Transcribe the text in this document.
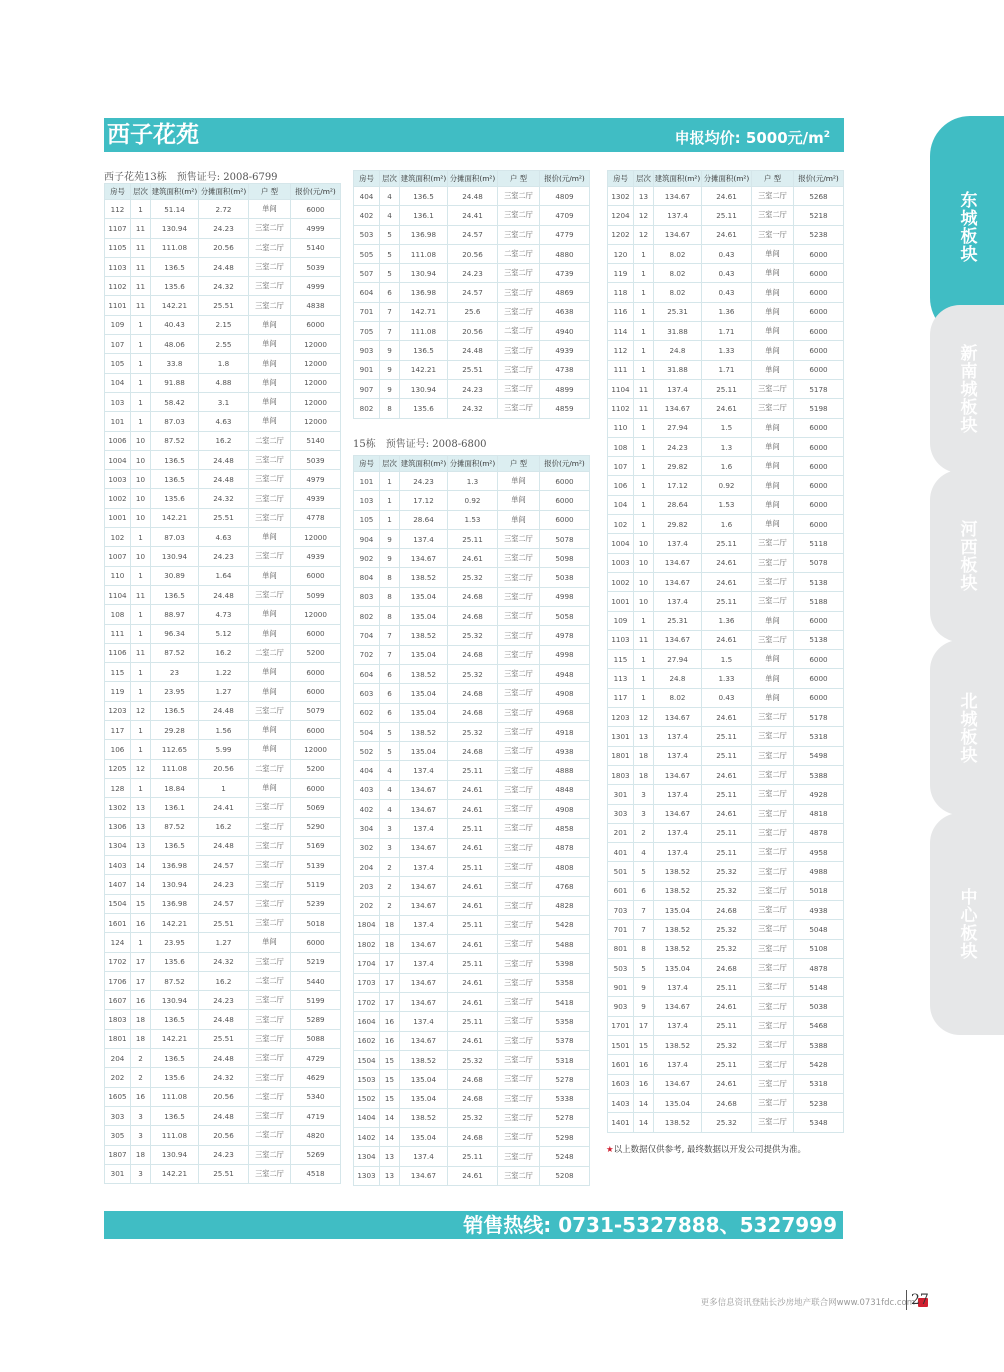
西子花苑	申报均价: 5000元$/m^2$
西子花苑13栋　预售证号: 2008-6799
15栋　预售证号: 2008-6800
房号	层次	建筑面积(m²)	分摊面积(m²)	户 型	报价(元/m²)
112	1	51.14	2.72	单间	6000
1107	11	130.94	24.23	三室二厅	4999
1105	11	111.08	20.56	二室二厅	5140
1103	11	136.5	24.48	三室二厅	5039
1102	11	135.6	24.32	三室二厅	4999
1101	11	142.21	25.51	三室二厅	4838
109	1	40.43	2.15	单间	6000
107	1	48.06	2.55	单间	12000
105	1	33.8	1.8	单间	12000
104	1	91.88	4.88	单间	12000
103	1	58.42	3.1	单间	12000
101	1	87.03	4.63	单间	12000
1006	10	87.52	16.2	二室二厅	5140
1004	10	136.5	24.48	三室二厅	5039
1003	10	136.5	24.48	三室二厅	4979
1002	10	135.6	24.32	三室二厅	4939
1001	10	142.21	25.51	三室二厅	4778
102	1	87.03	4.63	单间	12000
1007	10	130.94	24.23	三室二厅	4939
110	1	30.89	1.64	单间	6000
1104	11	136.5	24.48	三室二厅	5099
108	1	88.97	4.73	单间	12000
111	1	96.34	5.12	单间	6000
1106	11	87.52	16.2	二室二厅	5200
115	1	23	1.22	单间	6000
119	1	23.95	1.27	单间	6000
1203	12	136.5	24.48	三室二厅	5079
117	1	29.28	1.56	单间	6000
106	1	112.65	5.99	单间	12000
1205	12	111.08	20.56	二室二厅	5200
128	1	18.84	1	单间	6000
1302	13	136.1	24.41	三室二厅	5069
1306	13	87.52	16.2	二室二厅	5290
1304	13	136.5	24.48	三室二厅	5169
1403	14	136.98	24.57	三室二厅	5139
1407	14	130.94	24.23	三室二厅	5119
1504	15	136.98	24.57	三室二厅	5239
1601	16	142.21	25.51	三室二厅	5018
124	1	23.95	1.27	单间	6000
1702	17	135.6	24.32	三室二厅	5219
1706	17	87.52	16.2	二室二厅	5440
1607	16	130.94	24.23	三室二厅	5199
1803	18	136.5	24.48	三室二厅	5289
1801	18	142.21	25.51	三室二厅	5088
204	2	136.5	24.48	三室二厅	4729
202	2	135.6	24.32	三室二厅	4629
1605	16	111.08	20.56	二室二厅	5340
303	3	136.5	24.48	三室二厅	4719
305	3	111.08	20.56	二室二厅	4820
1807	18	130.94	24.23	三室二厅	5269
301	3	142.21	25.51	三室二厅	4518
房号	层次	建筑面积(m²)	分摊面积(m²)	户 型	报价(元/m²)
404	4	136.5	24.48	三室二厅	4809
402	4	136.1	24.41	三室二厅	4709
503	5	136.98	24.57	三室二厅	4779
505	5	111.08	20.56	二室二厅	4880
507	5	130.94	24.23	三室二厅	4739
604	6	136.98	24.57	三室二厅	4869
701	7	142.71	25.6	三室二厅	4638
705	7	111.08	20.56	二室二厅	4940
903	9	136.5	24.48	三室二厅	4939
901	9	142.21	25.51	三室二厅	4738
907	9	130.94	24.23	三室二厅	4899
802	8	135.6	24.32	三室二厅	4859
房号	层次	建筑面积(m²)	分摊面积(m²)	户 型	报价(元/m²)
101	1	24.23	1.3	单间	6000
103	1	17.12	0.92	单间	6000
105	1	28.64	1.53	单间	6000
904	9	137.4	25.11	三室二厅	5078
902	9	134.67	24.61	三室二厅	5098
804	8	138.52	25.32	三室二厅	5038
803	8	135.04	24.68	三室二厅	4998
802	8	135.04	24.68	三室二厅	5058
704	7	138.52	25.32	三室二厅	4978
702	7	135.04	24.68	三室二厅	4998
604	6	138.52	25.32	三室二厅	4948
603	6	135.04	24.68	三室二厅	4908
602	6	135.04	24.68	三室二厅	4968
504	5	138.52	25.32	三室二厅	4918
502	5	135.04	24.68	三室二厅	4938
404	4	137.4	25.11	三室二厅	4888
403	4	134.67	24.61	三室二厅	4848
402	4	134.67	24.61	三室二厅	4908
304	3	137.4	25.11	三室二厅	4858
302	3	134.67	24.61	三室二厅	4878
204	2	137.4	25.11	三室二厅	4808
203	2	134.67	24.61	三室二厅	4768
202	2	134.67	24.61	三室二厅	4828
1804	18	137.4	25.11	三室二厅	5428
1802	18	134.67	24.61	三室二厅	5488
1704	17	137.4	25.11	三室二厅	5398
1703	17	134.67	24.61	三室二厅	5358
1702	17	134.67	24.61	三室二厅	5418
1604	16	137.4	25.11	三室二厅	5358
1602	16	134.67	24.61	三室二厅	5378
1504	15	138.52	25.32	三室二厅	5318
1503	15	135.04	24.68	三室二厅	5278
1502	15	135.04	24.68	三室二厅	5338
1404	14	138.52	25.32	三室二厅	5278
1402	14	135.04	24.68	三室二厅	5298
1304	13	137.4	25.11	三室二厅	5248
1303	13	134.67	24.61	三室二厅	5208
房号	层次	建筑面积(m²)	分摊面积(m²)	户 型	报价(元/m²)
1302	13	134.67	24.61	三室二厅	5268
1204	12	137.4	25.11	三室二厅	5218
1202	12	134.67	24.61	三室一厅	5238
120	1	8.02	0.43	单间	6000
119	1	8.02	0.43	单间	6000
118	1	8.02	0.43	单间	6000
116	1	25.31	1.36	单间	6000
114	1	31.88	1.71	单间	6000
112	1	24.8	1.33	单间	6000
111	1	31.88	1.71	单间	6000
1104	11	137.4	25.11	三室二厅	5178
1102	11	134.67	24.61	三室二厅	5198
110	1	27.94	1.5	单间	6000
108	1	24.23	1.3	单间	6000
107	1	29.82	1.6	单间	6000
106	1	17.12	0.92	单间	6000
104	1	28.64	1.53	单间	6000
102	1	29.82	1.6	单间	6000
1004	10	137.4	25.11	三室二厅	5118
1003	10	134.67	24.61	三室二厅	5078
1002	10	134.67	24.61	三室二厅	5138
1001	10	137.4	25.11	三室二厅	5188
109	1	25.31	1.36	单间	6000
1103	11	134.67	24.61	三室二厅	5138
115	1	27.94	1.5	单间	6000
113	1	24.8	1.33	单间	6000
117	1	8.02	0.43	单间	6000
1203	12	134.67	24.61	三室二厅	5178
1301	13	137.4	25.11	三室二厅	5318
1801	18	137.4	25.11	三室二厅	5498
1803	18	134.67	24.61	三室二厅	5388
301	3	137.4	25.11	三室二厅	4928
303	3	134.67	24.61	三室二厅	4818
201	2	137.4	25.11	三室二厅	4878
401	4	137.4	25.11	三室二厅	4958
501	5	138.52	25.32	三室二厅	4988
601	6	138.52	25.32	三室二厅	5018
703	7	135.04	24.68	三室二厅	4938
701	7	138.52	25.32	三室二厅	5048
801	8	138.52	25.32	三室二厅	5108
503	5	135.04	24.68	三室二厅	4878
901	9	137.4	25.11	三室二厅	5148
903	9	134.67	24.61	三室二厅	5038
1701	17	137.4	25.11	三室二厅	5468
1501	15	138.52	25.32	三室二厅	5388
1601	16	137.4	25.11	三室二厅	5428
1603	16	134.67	24.61	三室二厅	5318
1403	14	135.04	24.68	三室二厅	5238
1401	14	138.52	25.32	三室二厅	5348
★以上数据仅供参考, 最终数据以开发公司提供为准。
销售热线: 0731-5327888、5327999
更多信息资讯登陆长沙房地产联合网www.0731fdc.com
27
东城板块
新南城板块
河西板块
北城板块
中心板块
